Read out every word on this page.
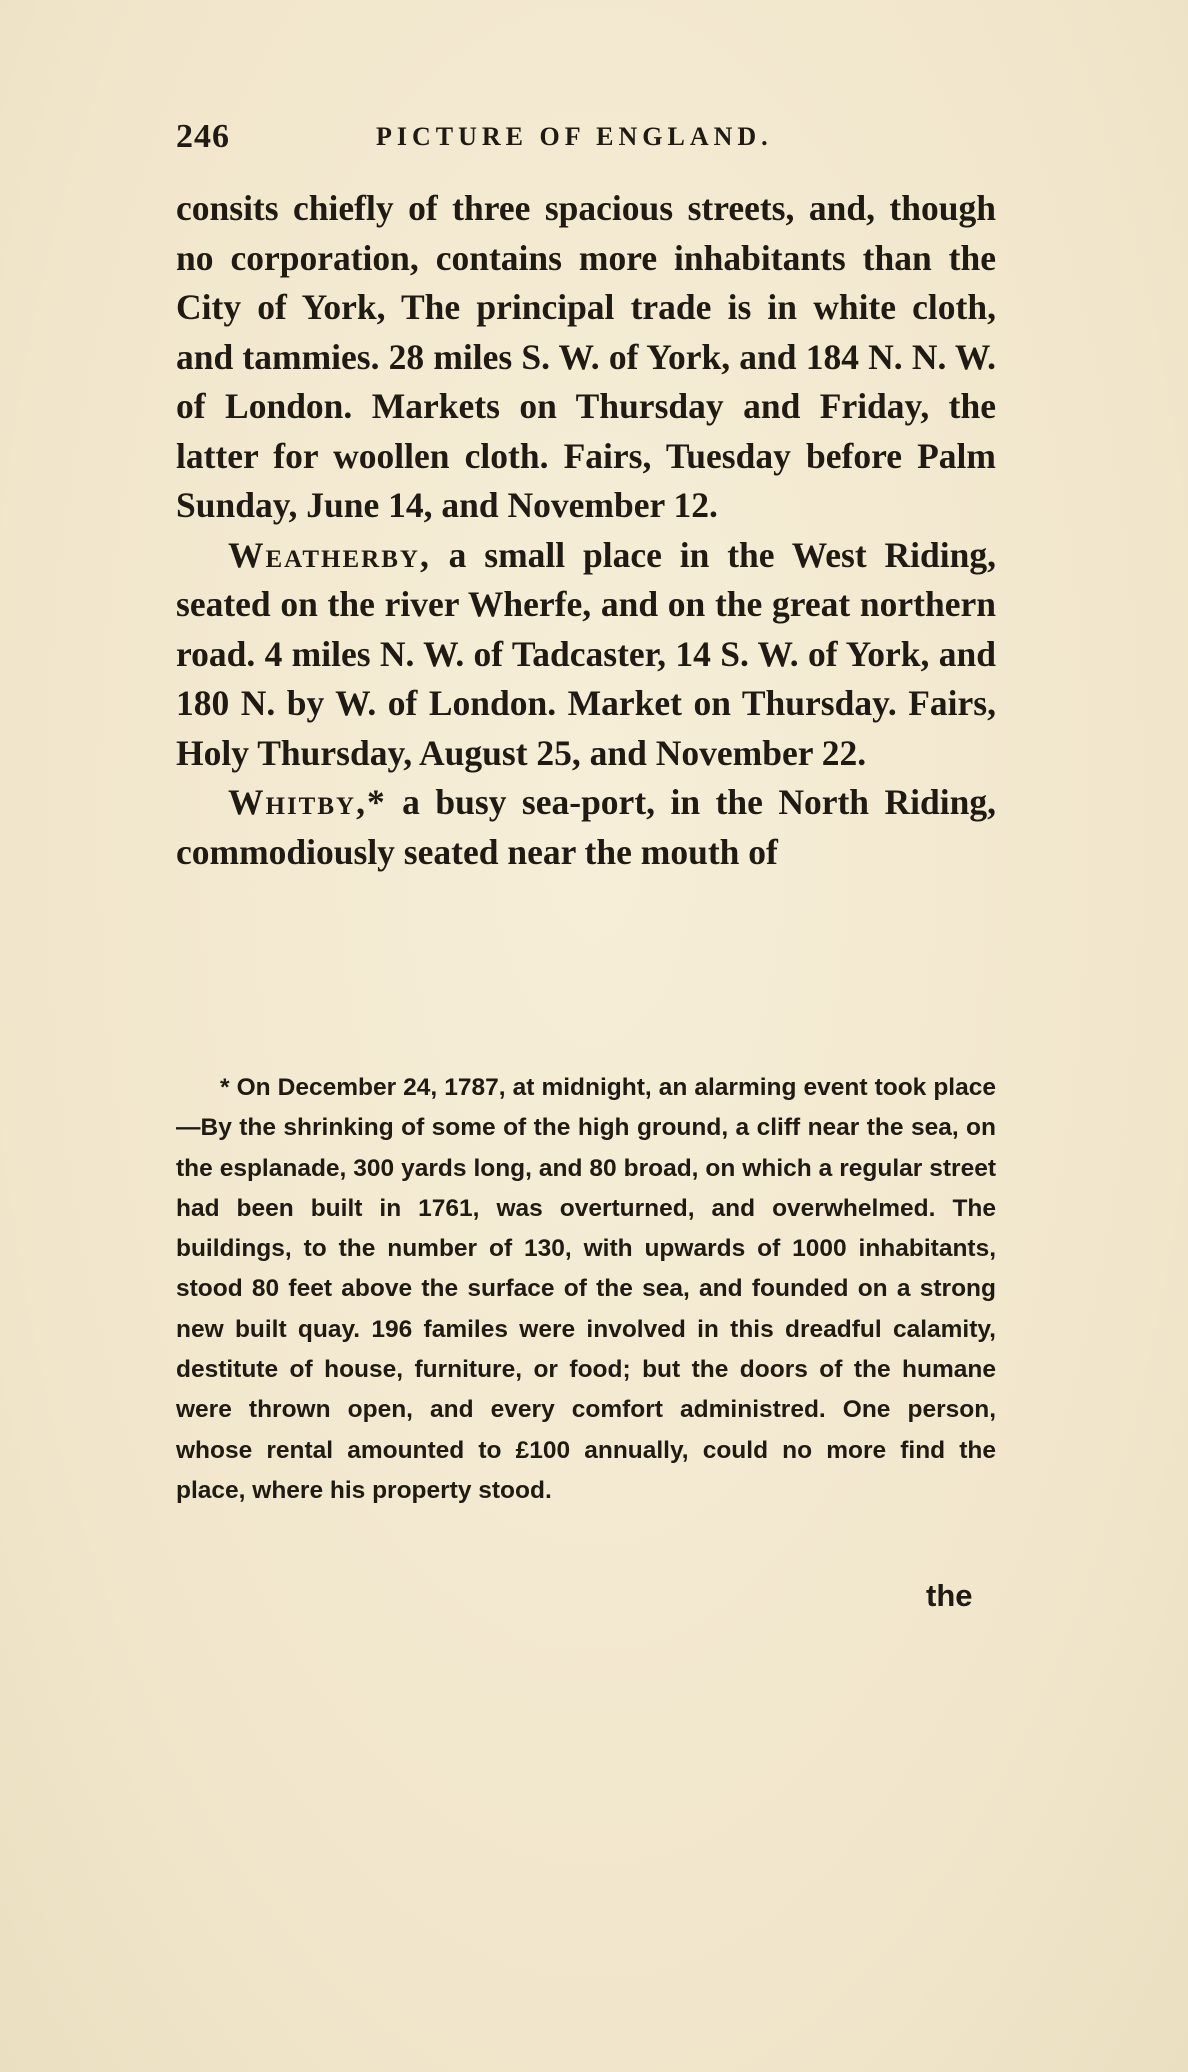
246	PICTURE OF ENGLAND.

consits chiefly of three spacious streets, and, though no corporation, contains more inhabitants than the City of York, The principal trade is in white cloth, and tammies. 28 miles S. W. of York, and 184 N. N. W. of London. Markets on Thursday and Friday, the latter for woollen cloth. Fairs, Tuesday before Palm Sunday, June 14, and November 12.

Weatherby, a small place in the West Riding, seated on the river Wherfe, and on the great northern road. 4 miles N. W. of Tadcaster, 14 S. W. of York, and 180 N. by W. of London. Market on Thursday. Fairs, Holy Thursday, August 25, and November 22.

Whitby,* a busy sea-port, in the North Riding, commodiously seated near the mouth of

* On December 24, 1787, at midnight, an alarming event took place—By the shrinking of some of the high ground, a cliff near the sea, on the esplanade, 300 yards long, and 80 broad, on which a regular street had been built in 1761, was overturned, and overwhelmed. The buildings, to the number of 130, with upwards of 1000 inhabitants, stood 80 feet above the surface of the sea, and founded on a strong new built quay. 196 familes were involved in this dreadful calamity, destitute of house, furniture, or food; but the doors of the humane were thrown open, and every comfort administred. One person, whose rental amounted to £100 annually, could no more find the place, where his property stood.

the
